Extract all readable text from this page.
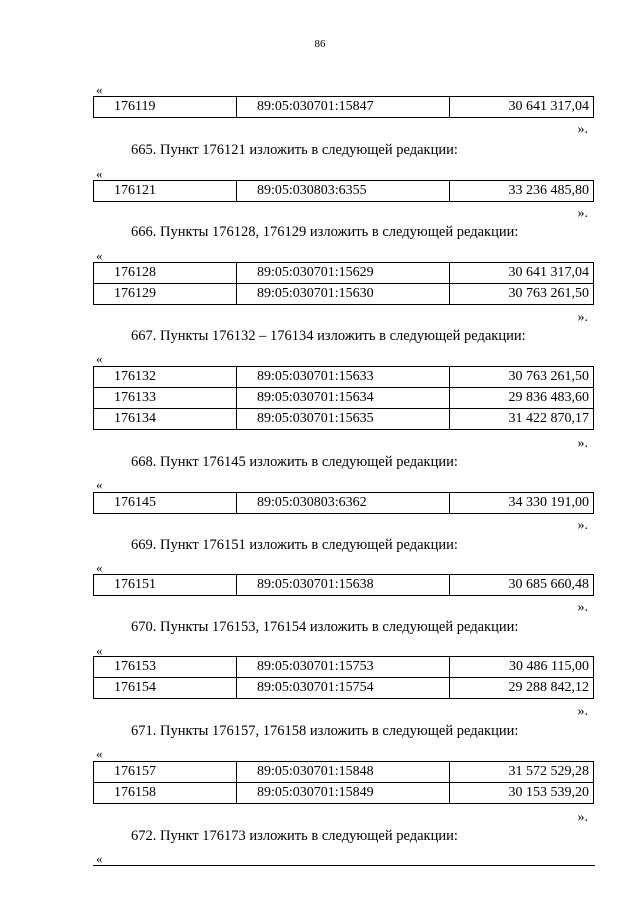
86
«
176119	89:05:030701:15847	30 641 317,04
».
665. Пункт 176121 изложить в следующей редакции:
«
176121	89:05:030803:6355	33 236 485,80
».
666. Пункты 176128, 176129 изложить в следующей редакции:
«
176128	89:05:030701:15629	30 641 317,04
176129	89:05:030701:15630	30 763 261,50
».
667. Пункты 176132 – 176134 изложить в следующей редакции:
«
176132	89:05:030701:15633	30 763 261,50
176133	89:05:030701:15634	29 836 483,60
176134	89:05:030701:15635	31 422 870,17
».
668. Пункт 176145 изложить в следующей редакции:
«
176145	89:05:030803:6362	34 330 191,00
».
669. Пункт 176151 изложить в следующей редакции:
«
176151	89:05:030701:15638	30 685 660,48
».
670. Пункты 176153, 176154 изложить в следующей редакции:
«
176153	89:05:030701:15753	30 486 115,00
176154	89:05:030701:15754	29 288 842,12
».
671. Пункты 176157, 176158 изложить в следующей редакции:
«
176157	89:05:030701:15848	31 572 529,28
176158	89:05:030701:15849	30 153 539,20
».
672. Пункт 176173 изложить в следующей редакции:
«
